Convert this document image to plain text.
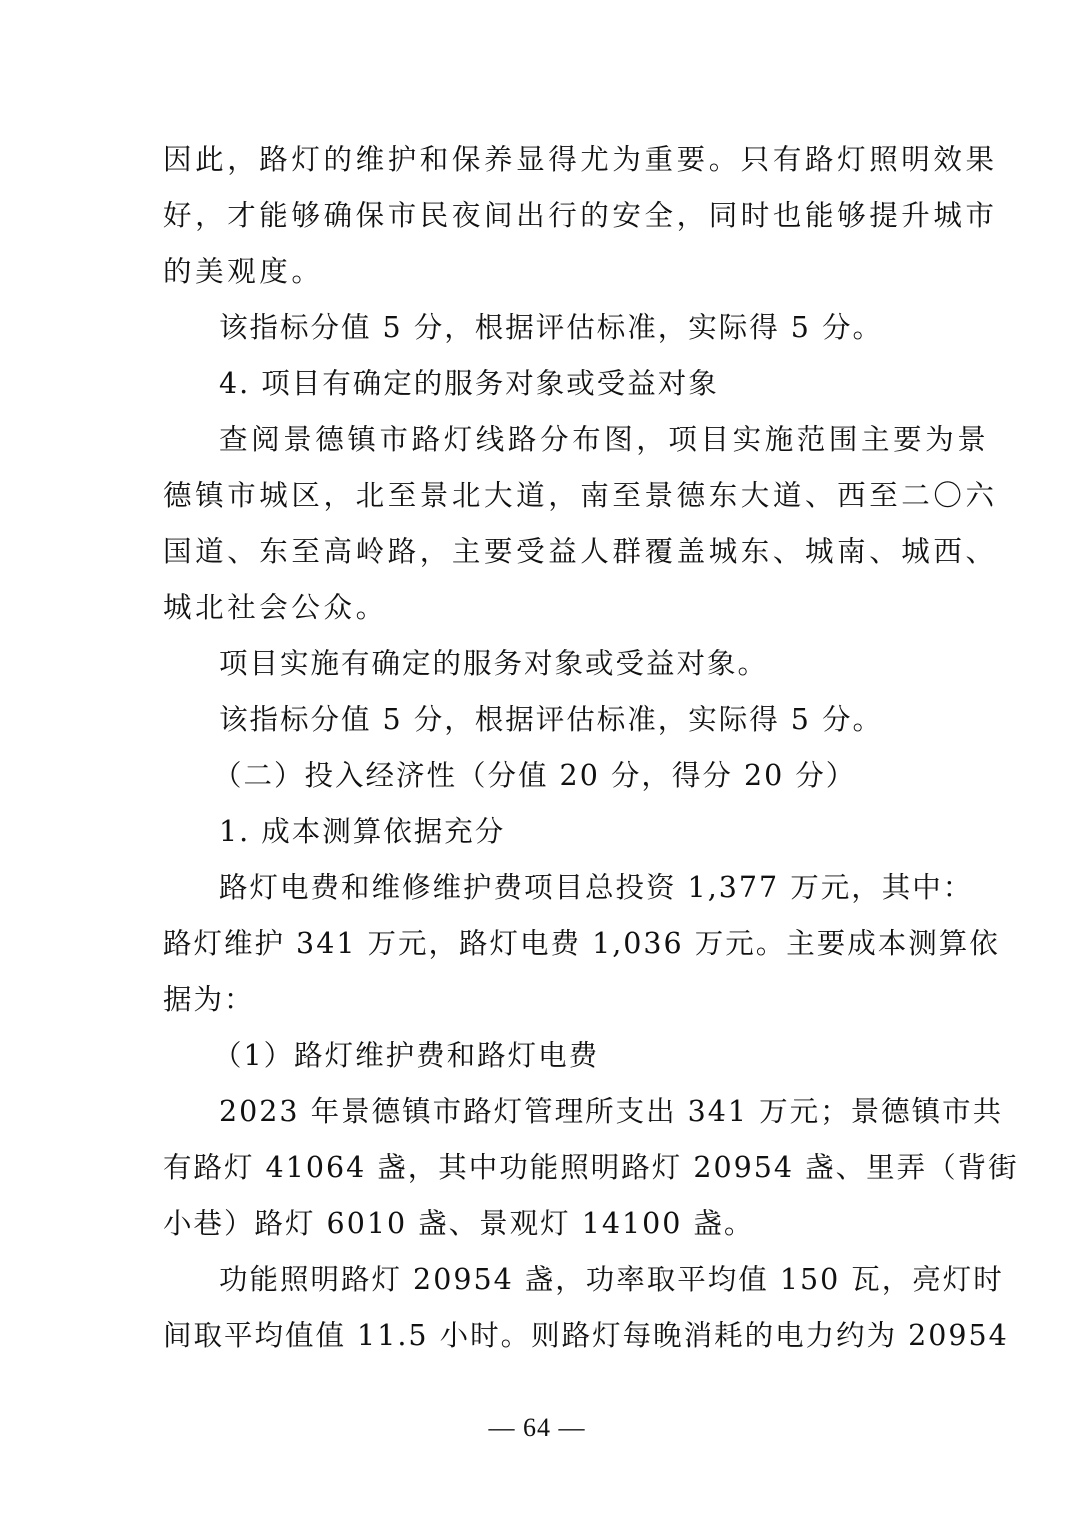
因此，路灯的维护和保养显得尤为重要。只有路灯照明效果
好，才能够确保市民夜间出行的安全，同时也能够提升城市
的美观度。
该指标分值 5 分，根据评估标准，实际得 5 分。
4. 项目有确定的服务对象或受益对象
查阅景德镇市路灯线路分布图，项目实施范围主要为景
德镇市城区，北至景北大道，南至景德东大道、西至二〇六
国道、东至高岭路，主要受益人群覆盖城东、城南、城西、
城北社会公众。
项目实施有确定的服务对象或受益对象。
该指标分值 5 分，根据评估标准，实际得 5 分。
（二）投入经济性（分值 20 分，得分 20 分）
1. 成本测算依据充分
路灯电费和维修维护费项目总投资 1,377 万元，其中：
路灯维护 341 万元，路灯电费 1,036 万元。主要成本测算依
据为：
（1）路灯维护费和路灯电费
2023 年景德镇市路灯管理所支出 341 万元；景德镇市共
有路灯 41064 盏，其中功能照明路灯 20954 盏、里弄（背街
小巷）路灯 6010 盏、景观灯 14100 盏。
功能照明路灯 20954 盏，功率取平均值 150 瓦，亮灯时
间取平均值值 11.5 小时。则路灯每晚消耗的电力约为 20954
— 64 —
